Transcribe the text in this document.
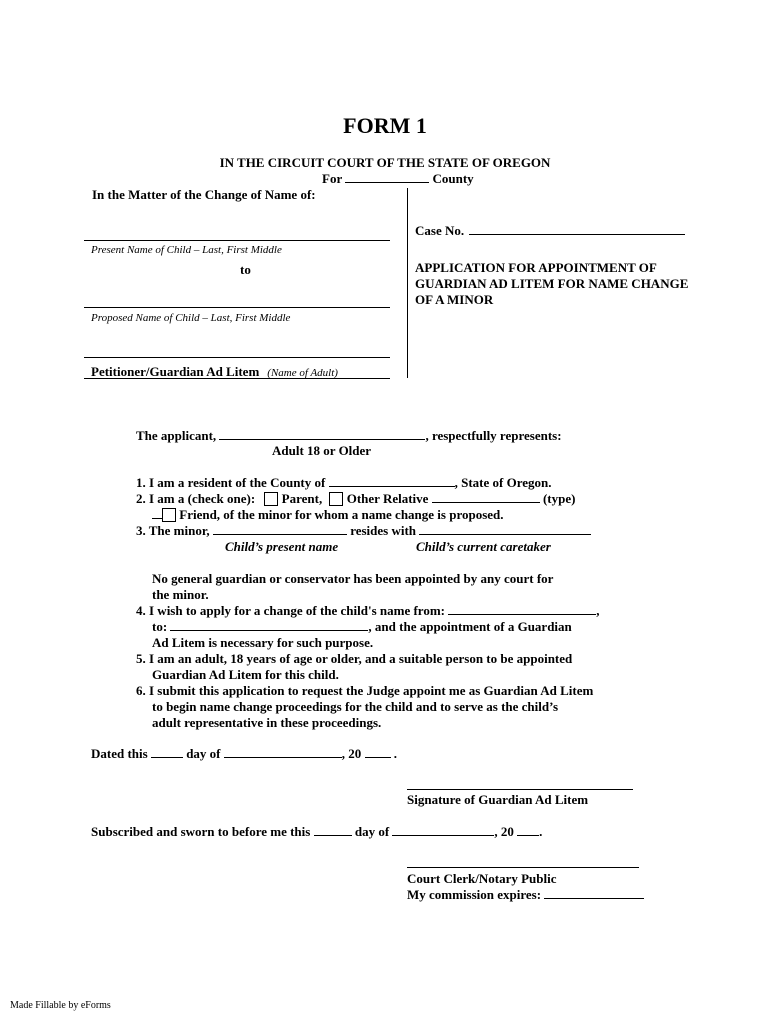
FORM 1
IN THE CIRCUIT COURT OF THE STATE OF OREGON
For	County
In the Matter of the Change of Name of:
Present Name of Child – Last, First Middle
to
Proposed Name of Child – Last, First Middle
Petitioner/Guardian Ad Litem (Name of Adult)
Case No.
APPLICATION FOR APPOINTMENT OF
GUARDIAN AD LITEM FOR NAME CHANGE
OF A MINOR
The applicant,	, respectfully represents:
Adult 18 or Older
1. I am a resident of the County of	, State of Oregon.
2. I am a (check one): Parent, Other Relative	(type)
Friend, of the minor for whom a name change is proposed.
3. The minor,	resides with
Child’s present name	Child’s current caretaker
No general guardian or conservator has been appointed by any court for
the minor.
4. I wish to apply for a change of the child's name from:	,
to:	, and the appointment of a Guardian
Ad Litem is necessary for such purpose.
5. I am an adult, 18 years of age or older, and a suitable person to be appointed
Guardian Ad Litem for this child.
6. I submit this application to request the Judge appoint me as Guardian Ad Litem
to begin name change proceedings for the child and to serve as the child’s
adult representative in these proceedings.
Dated this	day of	, 20	.
Signature of Guardian Ad Litem
Subscribed and sworn to before me this	day of	, 20 .
Court Clerk/Notary Public
My commission expires:
Made Fillable by eForms
